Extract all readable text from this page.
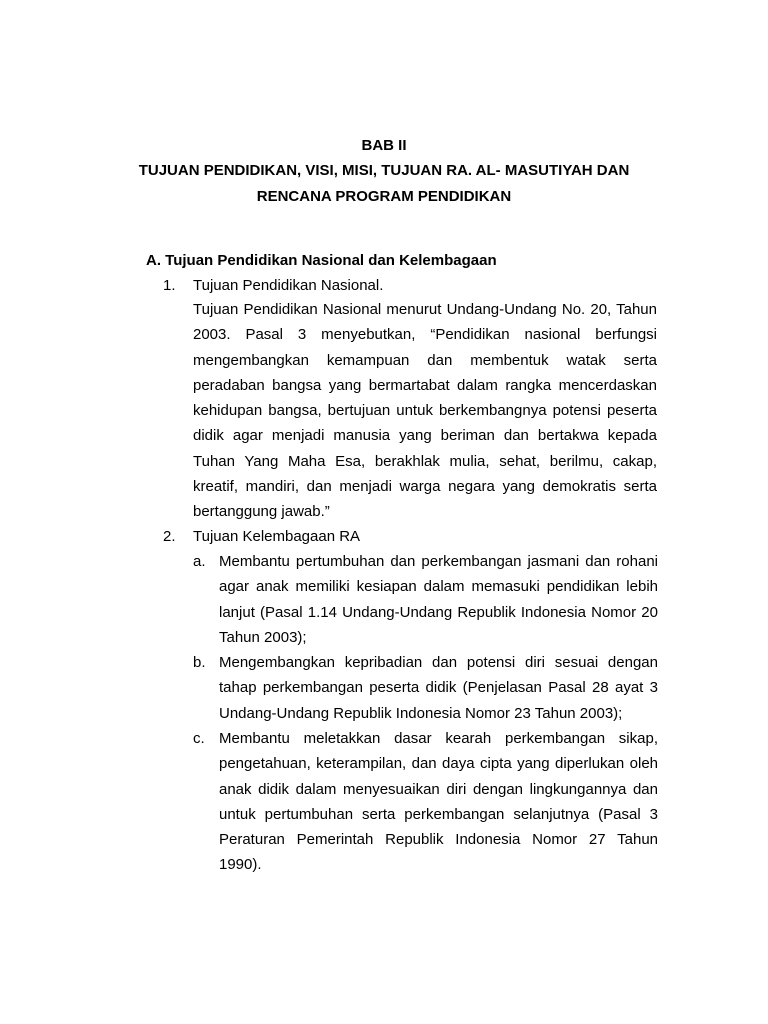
BAB II
TUJUAN PENDIDIKAN, VISI, MISI, TUJUAN RA. AL- MASUTIYAH DAN
RENCANA PROGRAM PENDIDIKAN
A. Tujuan Pendidikan Nasional dan Kelembagaan
1. Tujuan Pendidikan Nasional.

Tujuan Pendidikan Nasional menurut Undang-Undang No. 20, Tahun 2003. Pasal 3 menyebutkan, “Pendidikan nasional berfungsi mengembangkan kemampuan dan membentuk watak serta peradaban bangsa yang bermartabat dalam rangka mencerdaskan kehidupan bangsa, bertujuan untuk berkembangnya potensi peserta didik agar menjadi manusia yang beriman dan bertakwa kepada Tuhan Yang Maha Esa, berakhlak mulia, sehat, berilmu, cakap, kreatif, mandiri, dan menjadi warga negara yang demokratis serta bertanggung jawab.”

2. Tujuan Kelembagaan RA
a. Membantu pertumbuhan dan perkembangan jasmani dan rohani agar anak memiliki kesiapan dalam memasuki pendidikan lebih lanjut (Pasal 1.14 Undang-Undang Republik Indonesia Nomor 20 Tahun 2003);

b. Mengembangkan kepribadian dan potensi diri sesuai dengan tahap perkembangan peserta didik (Penjelasan Pasal 28 ayat 3 Undang-Undang Republik Indonesia Nomor 23 Tahun 2003);

c. Membantu meletakkan dasar kearah perkembangan sikap, pengetahuan, keterampilan, dan daya cipta yang diperlukan oleh anak didik dalam menyesuaikan diri dengan lingkungannya dan untuk pertumbuhan serta perkembangan selanjutnya (Pasal 3 Peraturan Pemerintah Republik Indonesia Nomor 27 Tahun 1990).
